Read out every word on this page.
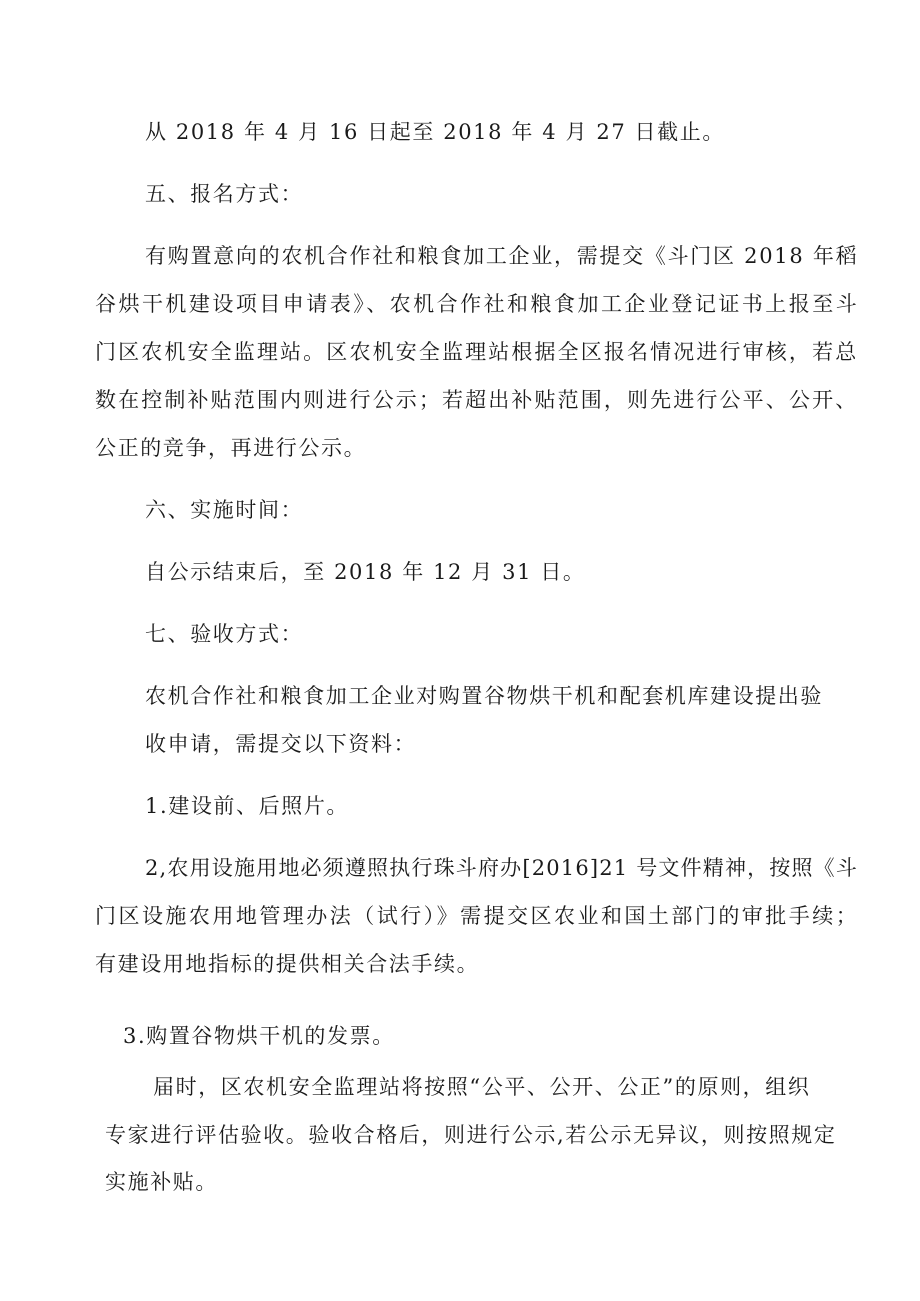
从 2018 年 4 月 16 日起至 2018 年 4 月 27 日截止。
五、报名方式：
有购置意向的农机合作社和粮食加工企业，需提交《斗门区 2018 年稻
谷烘干机建设项目申请表》、农机合作社和粮食加工企业登记证书上报至斗
门区农机安全监理站。区农机安全监理站根据全区报名情况进行审核，若总
数在控制补贴范围内则进行公示；若超出补贴范围，则先进行公平、公开、
公正的竞争，再进行公示。
六、实施时间：
自公示结束后，至 2018 年 12 月 31 日。
七、验收方式：
农机合作社和粮食加工企业对购置谷物烘干机和配套机库建设提出验
收申请，需提交以下资料：
1.建设前、后照片。
2,农用设施用地必须遵照执行珠斗府办[2016]21 号文件精神，按照《斗
门区设施农用地管理办法（试行）》需提交区农业和国土部门的审批手续；
有建设用地指标的提供相关合法手续。
3.购置谷物烘干机的发票。
届时，区农机安全监理站将按照“公平、公开、公正”的原则，组织
专家进行评估验收。验收合格后，则进行公示,若公示无异议，则按照规定
实施补贴。
